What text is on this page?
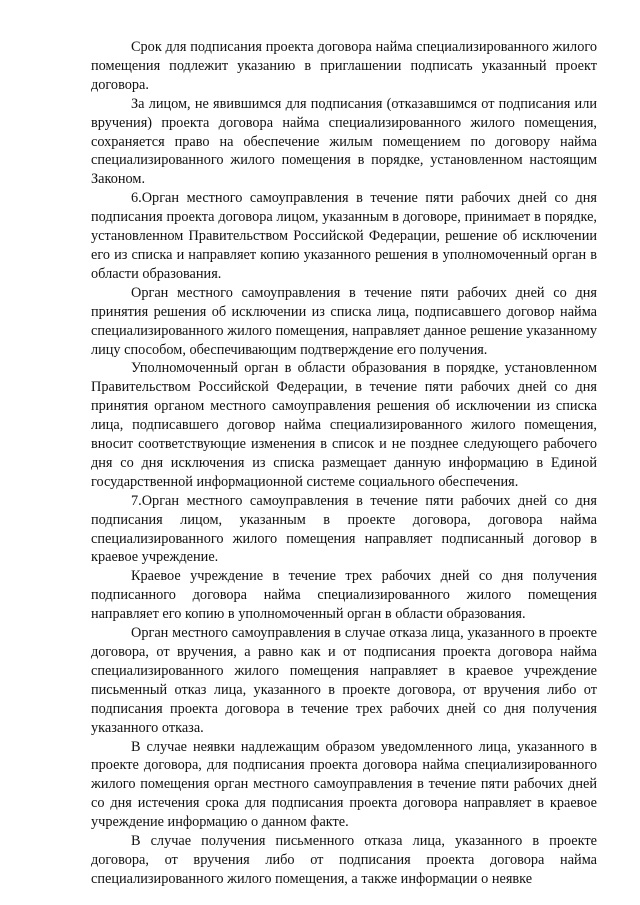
Срок для подписания проекта договора найма специализированного жилого помещения подлежит указанию в приглашении подписать указанный проект договора.

За лицом, не явившимся для подписания (отказавшимся от подписания или вручения) проекта договора найма специализированного жилого помещения, сохраняется право на обеспечение жилым помещением по договору найма специализированного жилого помещения в порядке, установленном настоящим Законом.

6.Орган местного самоуправления в течение пяти рабочих дней со дня подписания проекта договора лицом, указанным в договоре, принимает в порядке, установленном Правительством Российской Федерации, решение об исключении его из списка и направляет копию указанного решения в уполномоченный орган в области образования.

Орган местного самоуправления в течение пяти рабочих дней со дня принятия решения об исключении из списка лица, подписавшего договор найма специализированного жилого помещения, направляет данное решение указанному лицу способом, обеспечивающим подтверждение его получения.

Уполномоченный орган в области образования в порядке, установленном Правительством Российской Федерации, в течение пяти рабочих дней со дня принятия органом местного самоуправления решения об исключении из списка лица, подписавшего договор найма специализированного жилого помещения, вносит соответствующие изменения в список и не позднее следующего рабочего дня со дня исключения из списка размещает данную информацию в Единой государственной информационной системе социального обеспечения.

7.Орган местного самоуправления в течение пяти рабочих дней со дня подписания лицом, указанным в проекте договора, договора найма специализированного жилого помещения направляет подписанный договор в краевое учреждение.

Краевое учреждение в течение трех рабочих дней со дня получения подписанного договора найма специализированного жилого помещения направляет его копию в уполномоченный орган в области образования.

Орган местного самоуправления в случае отказа лица, указанного в проекте договора, от вручения, а равно как и от подписания проекта договора найма специализированного жилого помещения направляет в краевое учреждение письменный отказ лица, указанного в проекте договора, от вручения либо от подписания проекта договора в течение трех рабочих дней со дня получения указанного отказа.

В случае неявки надлежащим образом уведомленного лица, указанного в проекте договора, для подписания проекта договора найма специализированного жилого помещения орган местного самоуправления в течение пяти рабочих дней со дня истечения срока для подписания проекта договора направляет в краевое учреждение информацию о данном факте.

В случае получения письменного отказа лица, указанного в проекте договора, от вручения либо от подписания проекта договора найма специализированного жилого помещения, а также информации о неявке
